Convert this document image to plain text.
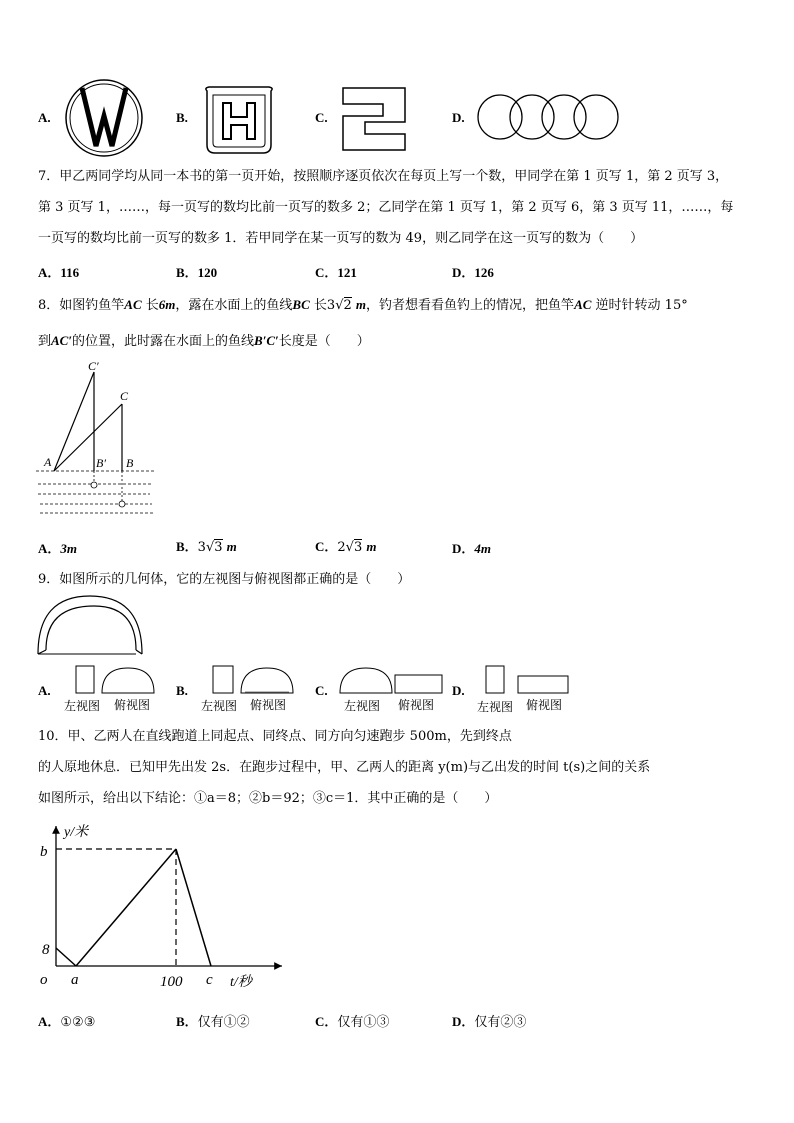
A.	B.	C.	D.
7．甲乙两同学均从同一本书的第一页开始，按照顺序逐页依次在每页上写一个数，甲同学在第 1 页写 1，第 2 页写 3，
第 3 页写 1，……，每一页写的数均比前一页写的数多 2；乙同学在第 1 页写 1，第 2 页写 6，第 3 页写 11，……，每
一页写的数均比前一页写的数多 1．若甲同学在某一页写的数为 49，则乙同学在这一页写的数为（　　）
A．116	B．120	C．121	D．126
8．如图钓鱼竿AC 长6m，露在水面上的鱼线BC 长3√2 m，钓者想看看鱼钓上的情况，把鱼竿AC 逆时针转动 15°
到AC′的位置，此时露在水面上的鱼线B′C′长度是（　　）
C′
C
A	B′ B
A．3m	B．3√3 m	C．2√3 m	D．4m
9．如图所示的几何体，它的左视图与俯视图都正确的是（　　）
A.
左视图 俯视图
B.
左视图 俯视图
C.
左视图 俯视图
D.
左视图 俯视图
10．甲、乙两人在直线跑道上同起点、同终点、同方向匀速跑步 500m，先到终点
的人原地休息．已知甲先出发 2s．在跑步过程中，甲、乙两人的距离 y(m)与乙出发的时间 t(s)之间的关系
如图所示，给出以下结论：①a＝8；②b＝92；③c＝1．其中正确的是（　　）
y/米
b
8
o a	100 c t/秒
A．①②③	B．仅有①②	C．仅有①③	D．仅有②③
